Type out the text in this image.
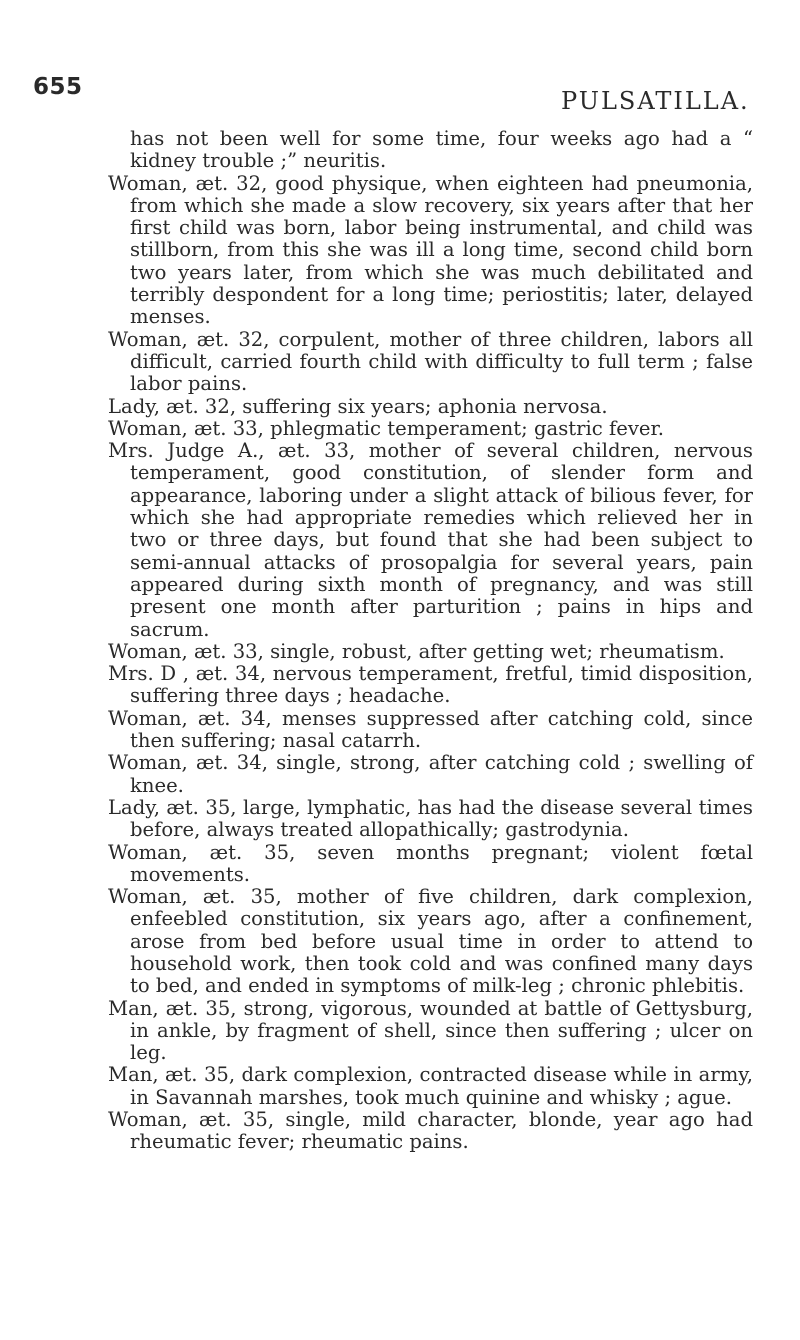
655	PULSATILLA.

has not been well for some time, four weeks ago had a “ kidney trouble ;” neuritis.

Woman, æt. 32, good physique, when eighteen had pneumonia, from which she made a slow recovery, six years after that her first child was born, labor being instrumental, and child was stillborn, from this she was ill a long time, second child born two years later, from which she was much debilitated and terribly despondent for a long time; periostitis; later, delayed menses.

Woman, æt. 32, corpulent, mother of three children, labors all difficult, carried fourth child with difficulty to full term ; false labor pains.

Lady, æt. 32, suffering six years; aphonia nervosa.

Woman, æt. 33, phlegmatic temperament; gastric fever.

Mrs. Judge A., æt. 33, mother of several children, nervous temperament, good constitution, of slender form and appearance, laboring under a slight attack of bilious fever, for which she had appropriate remedies which relieved her in two or three days, but found that she had been subject to semi-annual attacks of prosopalgia for several years, pain appeared during sixth month of pregnancy, and was still present one month after parturition ; pains in hips and sacrum.

Woman, æt. 33, single, robust, after getting wet; rheumatism.

Mrs. D , æt. 34, nervous temperament, fretful, timid disposition, suffering three days ; headache.

Woman, æt. 34, menses suppressed after catching cold, since then suffering; nasal catarrh.

Woman, æt. 34, single, strong, after catching cold ; swelling of knee.

Lady, æt. 35, large, lymphatic, has had the disease several times before, always treated allopathically; gastrodynia.

Woman, æt. 35, seven months pregnant; violent fœtal movements.

Woman, æt. 35, mother of five children, dark complexion, enfeebled constitution, six years ago, after a confinement, arose from bed before usual time in order to attend to household work, then took cold and was confined many days to bed, and ended in symptoms of milk-leg ; chronic phlebitis.

Man, æt. 35, strong, vigorous, wounded at battle of Gettysburg, in ankle, by fragment of shell, since then suffering ; ulcer on leg.

Man, æt. 35, dark complexion, contracted disease while in army, in Savannah marshes, took much quinine and whisky ; ague.

Woman, æt. 35, single, mild character, blonde, year ago had rheumatic fever; rheumatic pains.
